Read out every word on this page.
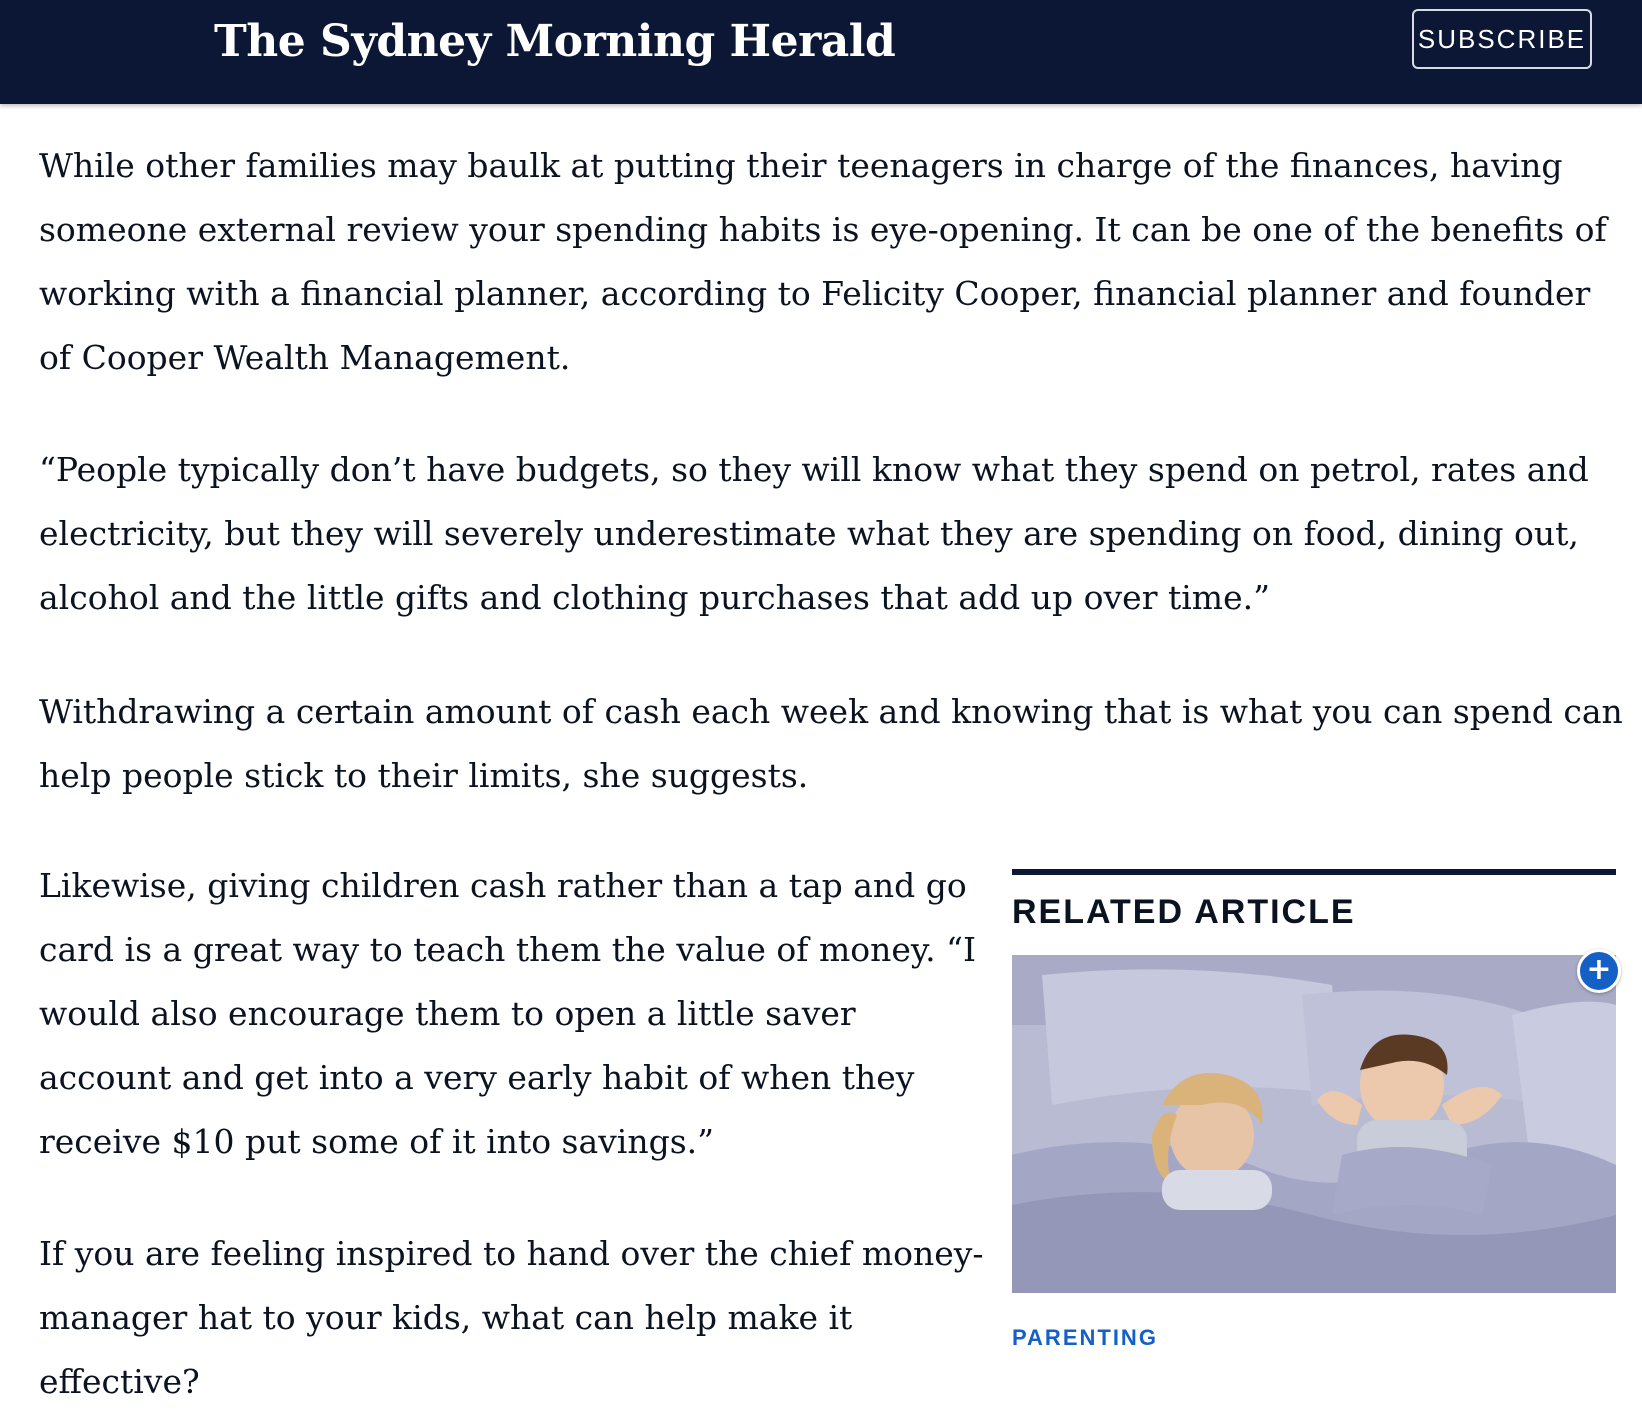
The Sydney Morning Herald	SUBSCRIBE

While other families may baulk at putting their teenagers in charge of the finances, having someone external review your spending habits is eye-opening. It can be one of the benefits of working with a financial planner, according to Felicity Cooper, financial planner and founder of Cooper Wealth Management.

“People typically don’t have budgets, so they will know what they spend on petrol, rates and electricity, but they will severely underestimate what they are spending on food, dining out, alcohol and the little gifts and clothing purchases that add up over time.”

Withdrawing a certain amount of cash each week and knowing that is what you can spend can help people stick to their limits, she suggests.

Likewise, giving children cash rather than a tap and go card is a great way to teach them the value of money. “I would also encourage them to open a little saver account and get into a very early habit of when they receive $10 put some of it into savings.”

If you are feeling inspired to hand over the chief money-manager hat to your kids, what can help make it effective?

RELATED ARTICLE
+
PARENTING
